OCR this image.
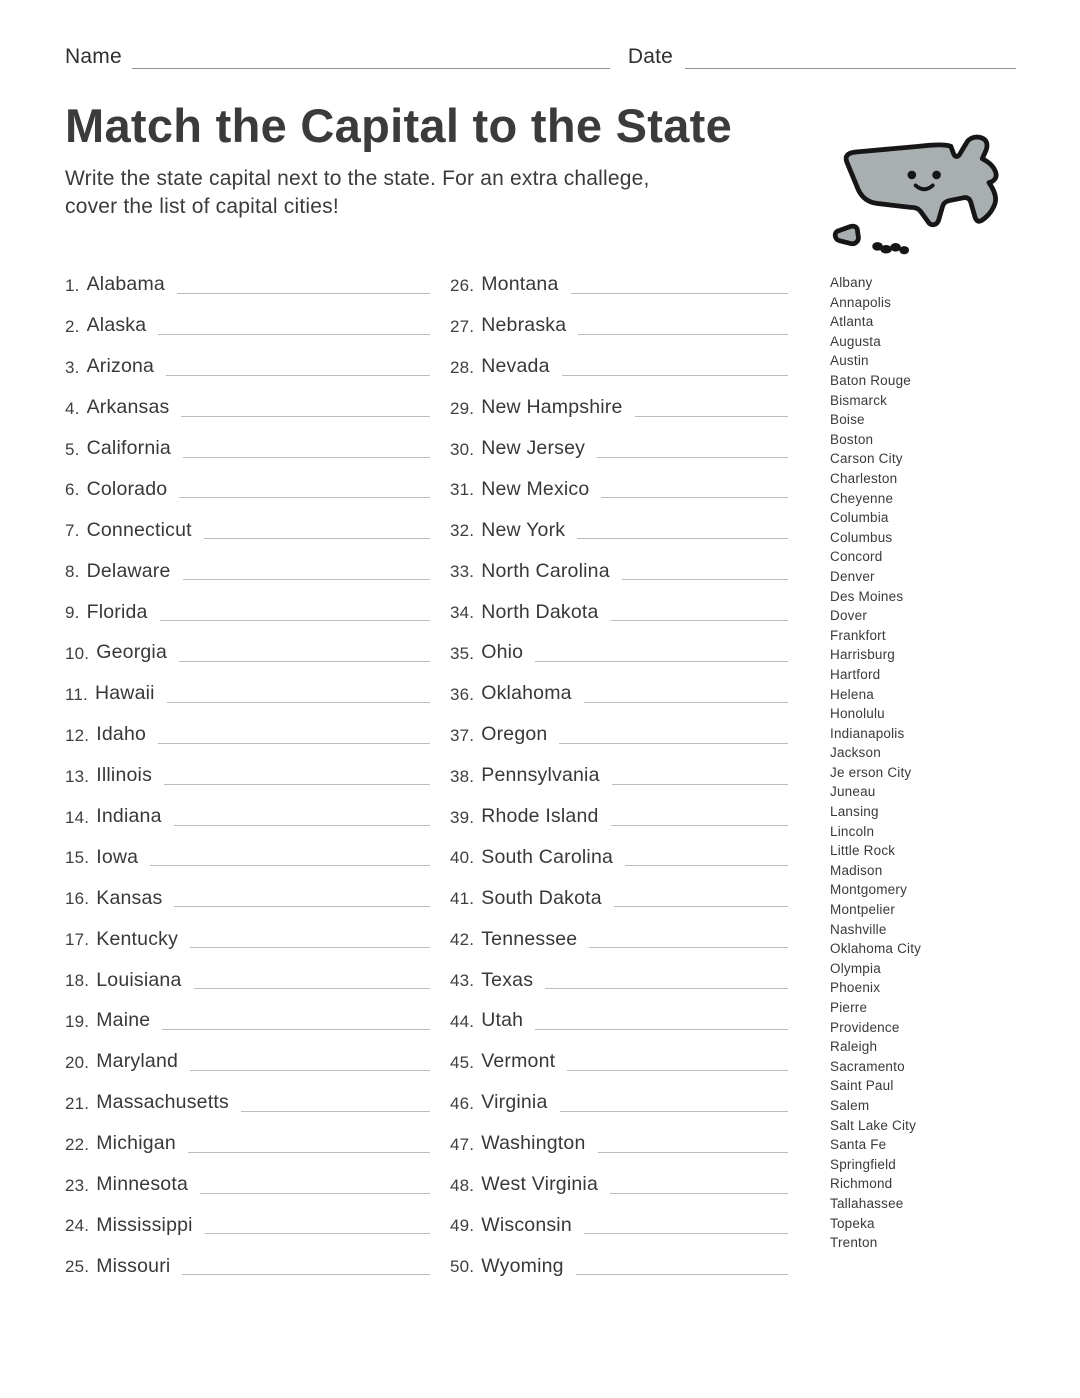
Name	Date
Match the Capital to the State
Write the state capital next to the state. For an extra challege,
cover the list of capital cities!
1. Alabama
2. Alaska
3. Arizona
4. Arkansas
5. California
6. Colorado
7. Connecticut
8. Delaware
9. Florida
10. Georgia
11. Hawaii
12. Idaho
13. Illinois
14. Indiana
15. Iowa
16. Kansas
17. Kentucky
18. Louisiana
19. Maine
20. Maryland
21. Massachusetts
22. Michigan
23. Minnesota
24. Mississippi
25. Missouri
26. Montana
27. Nebraska
28. Nevada
29. New Hampshire
30. New Jersey
31. New Mexico
32. New York
33. North Carolina
34. North Dakota
35. Ohio
36. Oklahoma
37. Oregon
38. Pennsylvania
39. Rhode Island
40. South Carolina
41. South Dakota
42. Tennessee
43. Texas
44. Utah
45. Vermont
46. Virginia
47. Washington
48. West Virginia
49. Wisconsin
50. Wyoming
Albany
Annapolis
Atlanta
Augusta
Austin
Baton Rouge
Bismarck
Boise
Boston
Carson City
Charleston
Cheyenne
Columbia
Columbus
Concord
Denver
Des Moines
Dover
Frankfort
Harrisburg
Hartford
Helena
Honolulu
Indianapolis
Jackson
Je erson City
Juneau
Lansing
Lincoln
Little Rock
Madison
Montgomery
Montpelier
Nashville
Oklahoma City
Olympia
Phoenix
Pierre
Providence
Raleigh
Sacramento
Saint Paul
Salem
Salt Lake City
Santa Fe
Springfield
Richmond
Tallahassee
Topeka
Trenton
